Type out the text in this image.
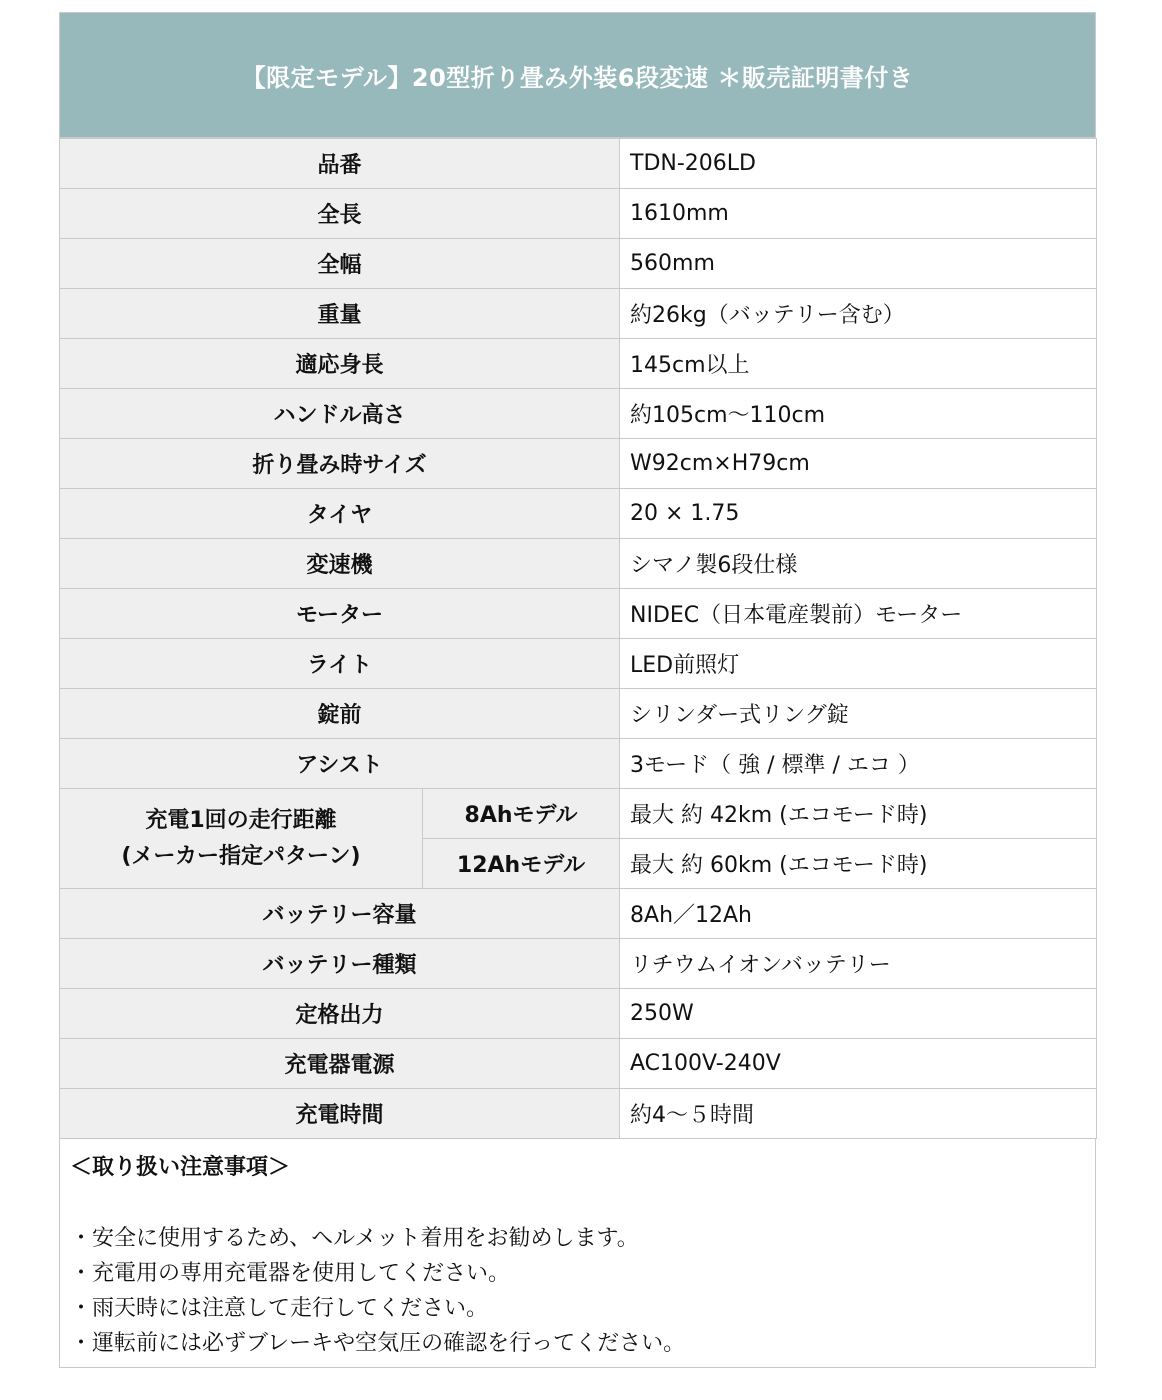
【限定モデル】20型折り畳み外装6段変速 ＊販売証明書付き
品番		TDN-206LD
全長		1610mm
全幅		560mm
重量		約26kg（バッテリー含む）
適応身長		145cm以上
ハンドル高さ		約105cm〜110cm
折り畳み時サイズ		W92cm×H79cm
タイヤ		20 × 1.75
変速機		シマノ製6段仕様
モーター		NIDEC（日本電産製前）モーター
ライト		LED前照灯
錠前		シリンダー式リング錠
アシスト		3モード（ 強 / 標準 / エコ ）

充電1回の走行距離
(メーカー指定パターン)	8Ahモデル	最大 約 42km (エコモード時)
	12Ahモデル	最大 約 60km (エコモード時)
バッテリー容量		8Ah／12Ah
バッテリー種類		リチウムイオンバッテリー
定格出力		250W
充電器電源		AC100V-240V
充電時間		約4〜５時間
＜取り扱い注意事項＞
・安全に使用するため、ヘルメット着用をお勧めします。
・充電用の専用充電器を使用してください。
・雨天時には注意して走行してください。
・運転前には必ずブレーキや空気圧の確認を行ってください。
